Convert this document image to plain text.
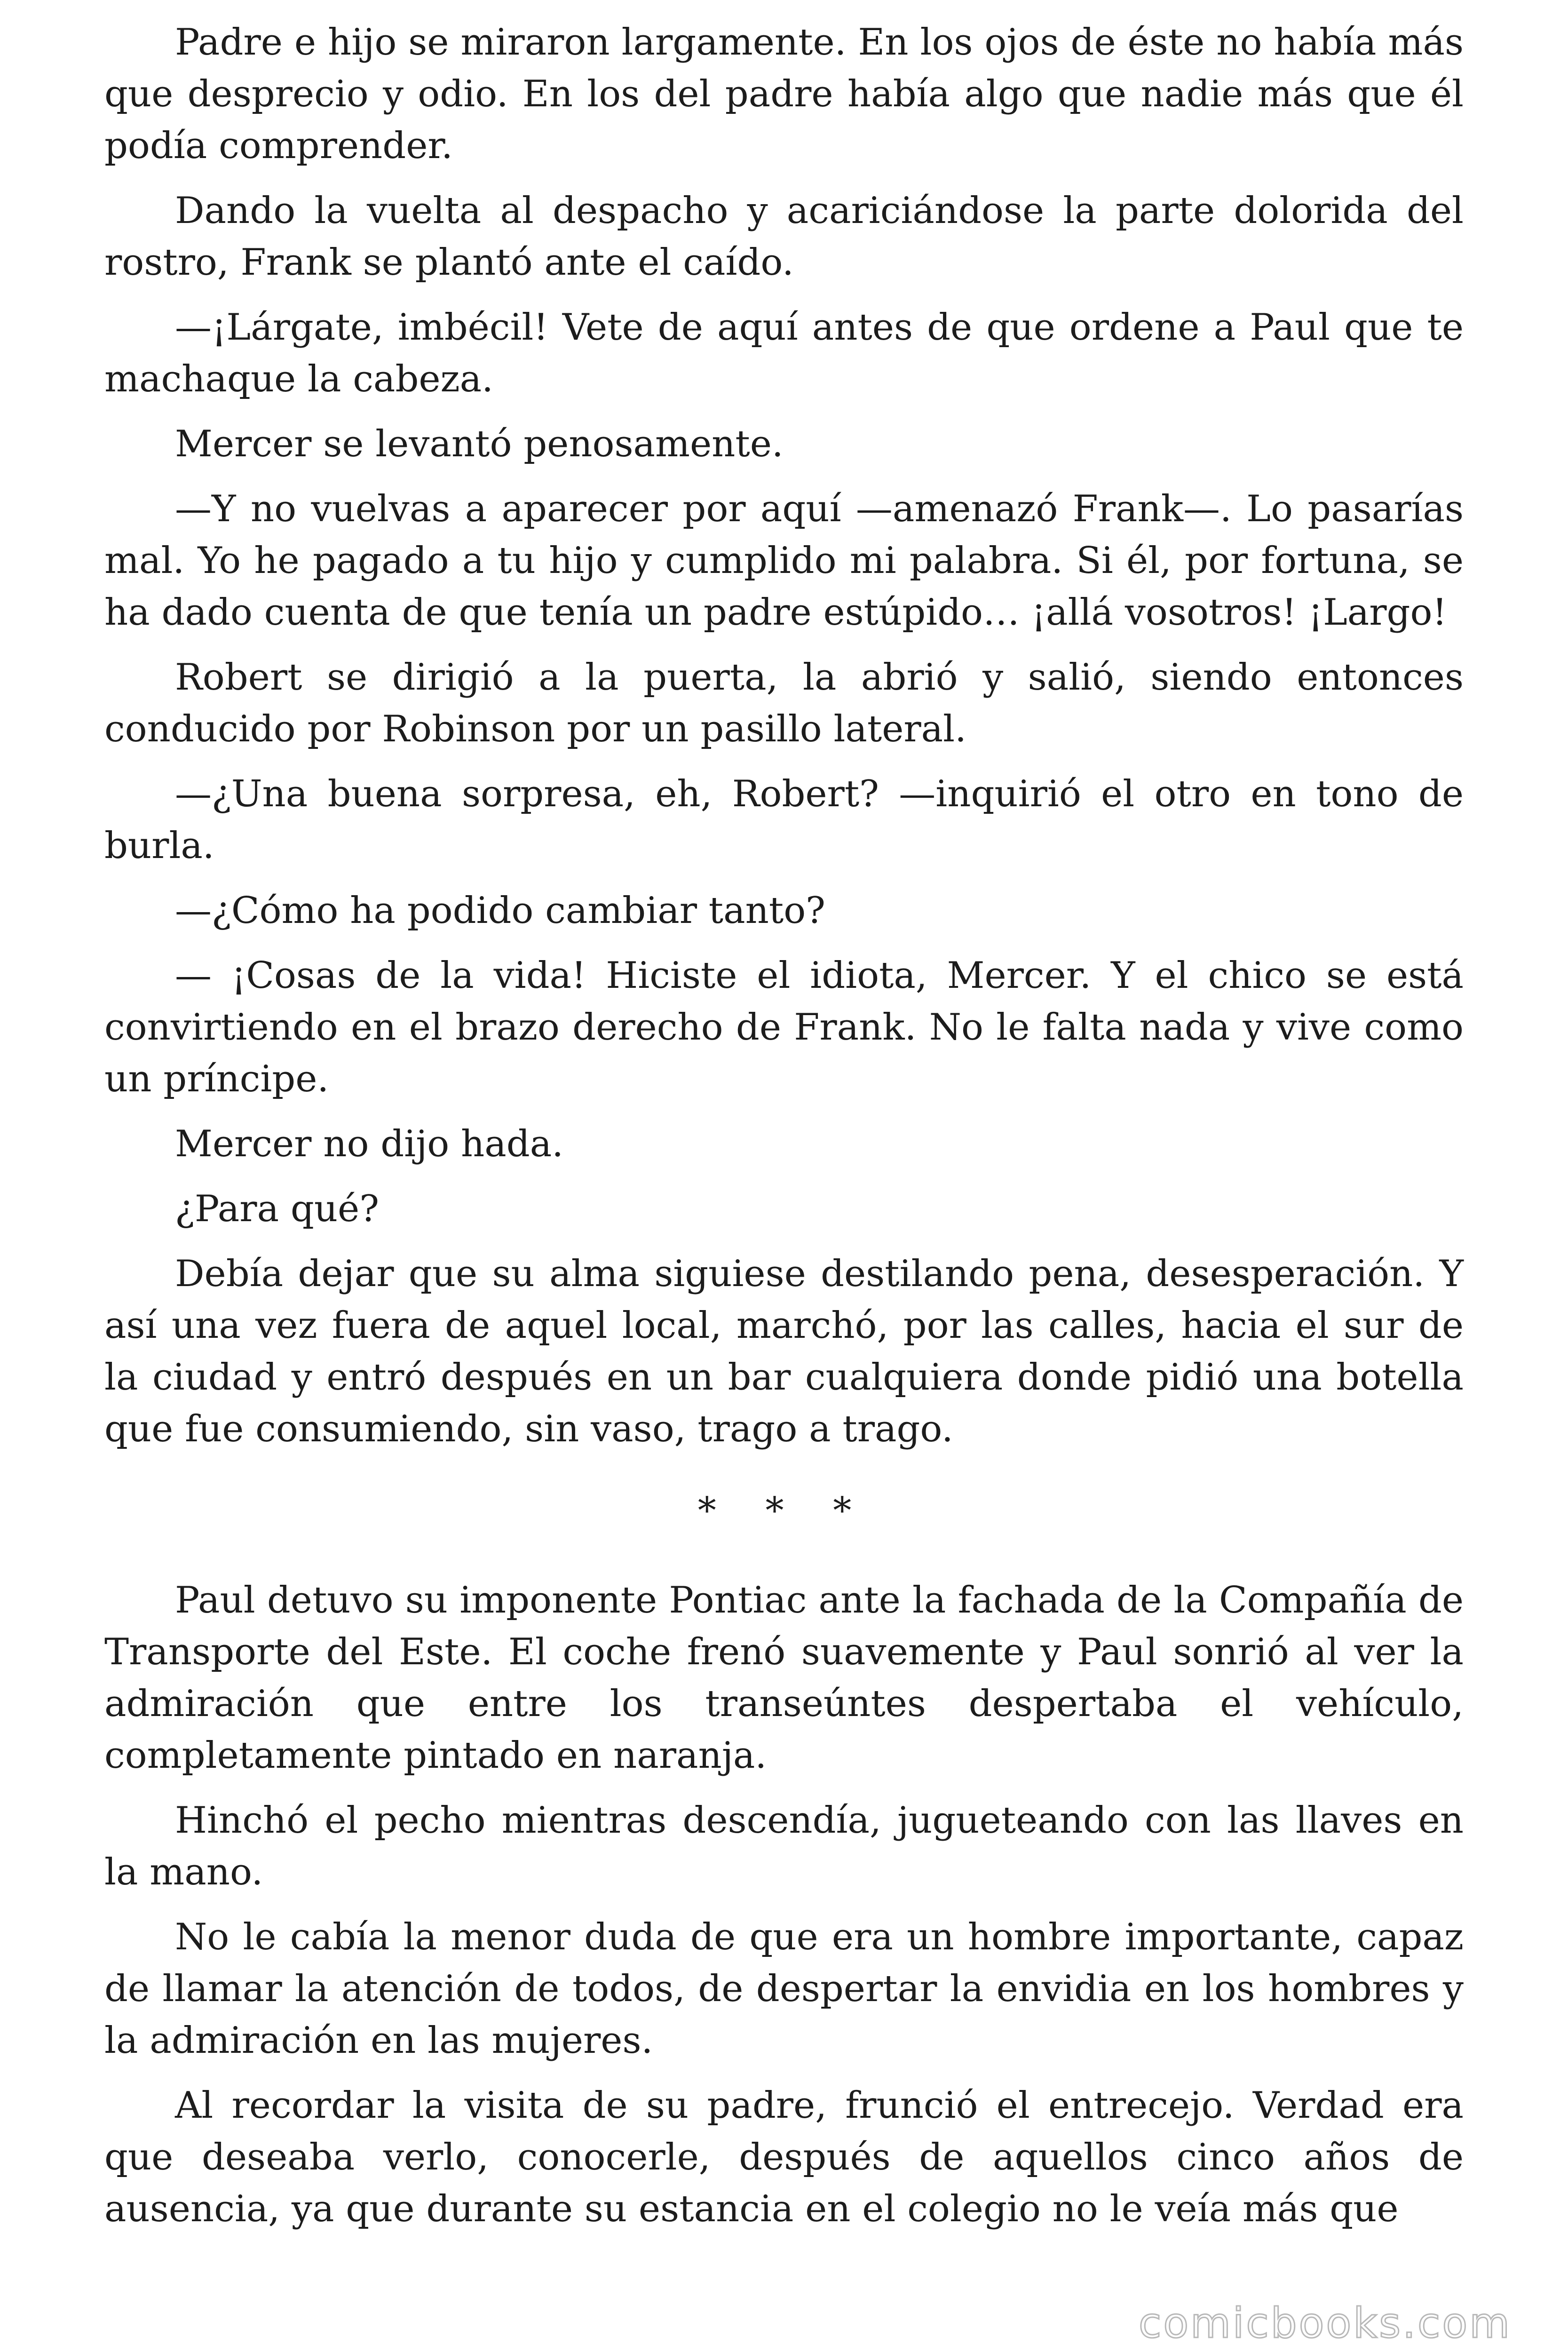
Padre e hijo se miraron largamente. En los ojos de éste no había más que desprecio y odio. En los del padre había algo que nadie más que él podía comprender.

Dando la vuelta al despacho y acariciándose la parte dolorida del rostro, Frank se plantó ante el caído.

—¡Lárgate, imbécil! Vete de aquí antes de que ordene a Paul que te machaque la cabeza.

Mercer se levantó penosamente.

—Y no vuelvas a aparecer por aquí —amenazó Frank—. Lo pasarías mal. Yo he pagado a tu hijo y cumplido mi palabra. Si él, por fortuna, se ha dado cuenta de que tenía un padre estúpido… ¡allá vosotros! ¡Largo!

Robert se dirigió a la puerta, la abrió y salió, siendo entonces conducido por Robinson por un pasillo lateral.

—¿Una buena sorpresa, eh, Robert? —inquirió el otro en tono de burla.

—¿Cómo ha podido cambiar tanto?

— ¡Cosas de la vida! Hiciste el idiota, Mercer. Y el chico se está convirtiendo en el brazo derecho de Frank. No le falta nada y vive como un príncipe.

Mercer no dijo hada.

¿Para qué?

Debía dejar que su alma siguiese destilando pena, desesperación. Y así una vez fuera de aquel local, marchó, por las calles, hacia el sur de la ciudad y entró después en un bar cualquiera donde pidió una botella que fue consumiendo, sin vaso, trago a trago.

* * *

Paul detuvo su imponente Pontiac ante la fachada de la Compañía de Transporte del Este. El coche frenó suavemente y Paul sonrió al ver la admiración que entre los transeúntes despertaba el vehículo, completamente pintado en naranja.

Hinchó el pecho mientras descendía, jugueteando con las llaves en la mano.

No le cabía la menor duda de que era un hombre importante, capaz de llamar la atención de todos, de despertar la envidia en los hombres y la admiración en las mujeres.

Al recordar la visita de su padre, frunció el entrecejo. Verdad era que deseaba verlo, conocerle, después de aquellos cinco años de ausencia, ya que durante su estancia en el colegio no le veía más que

comicbooks.com
